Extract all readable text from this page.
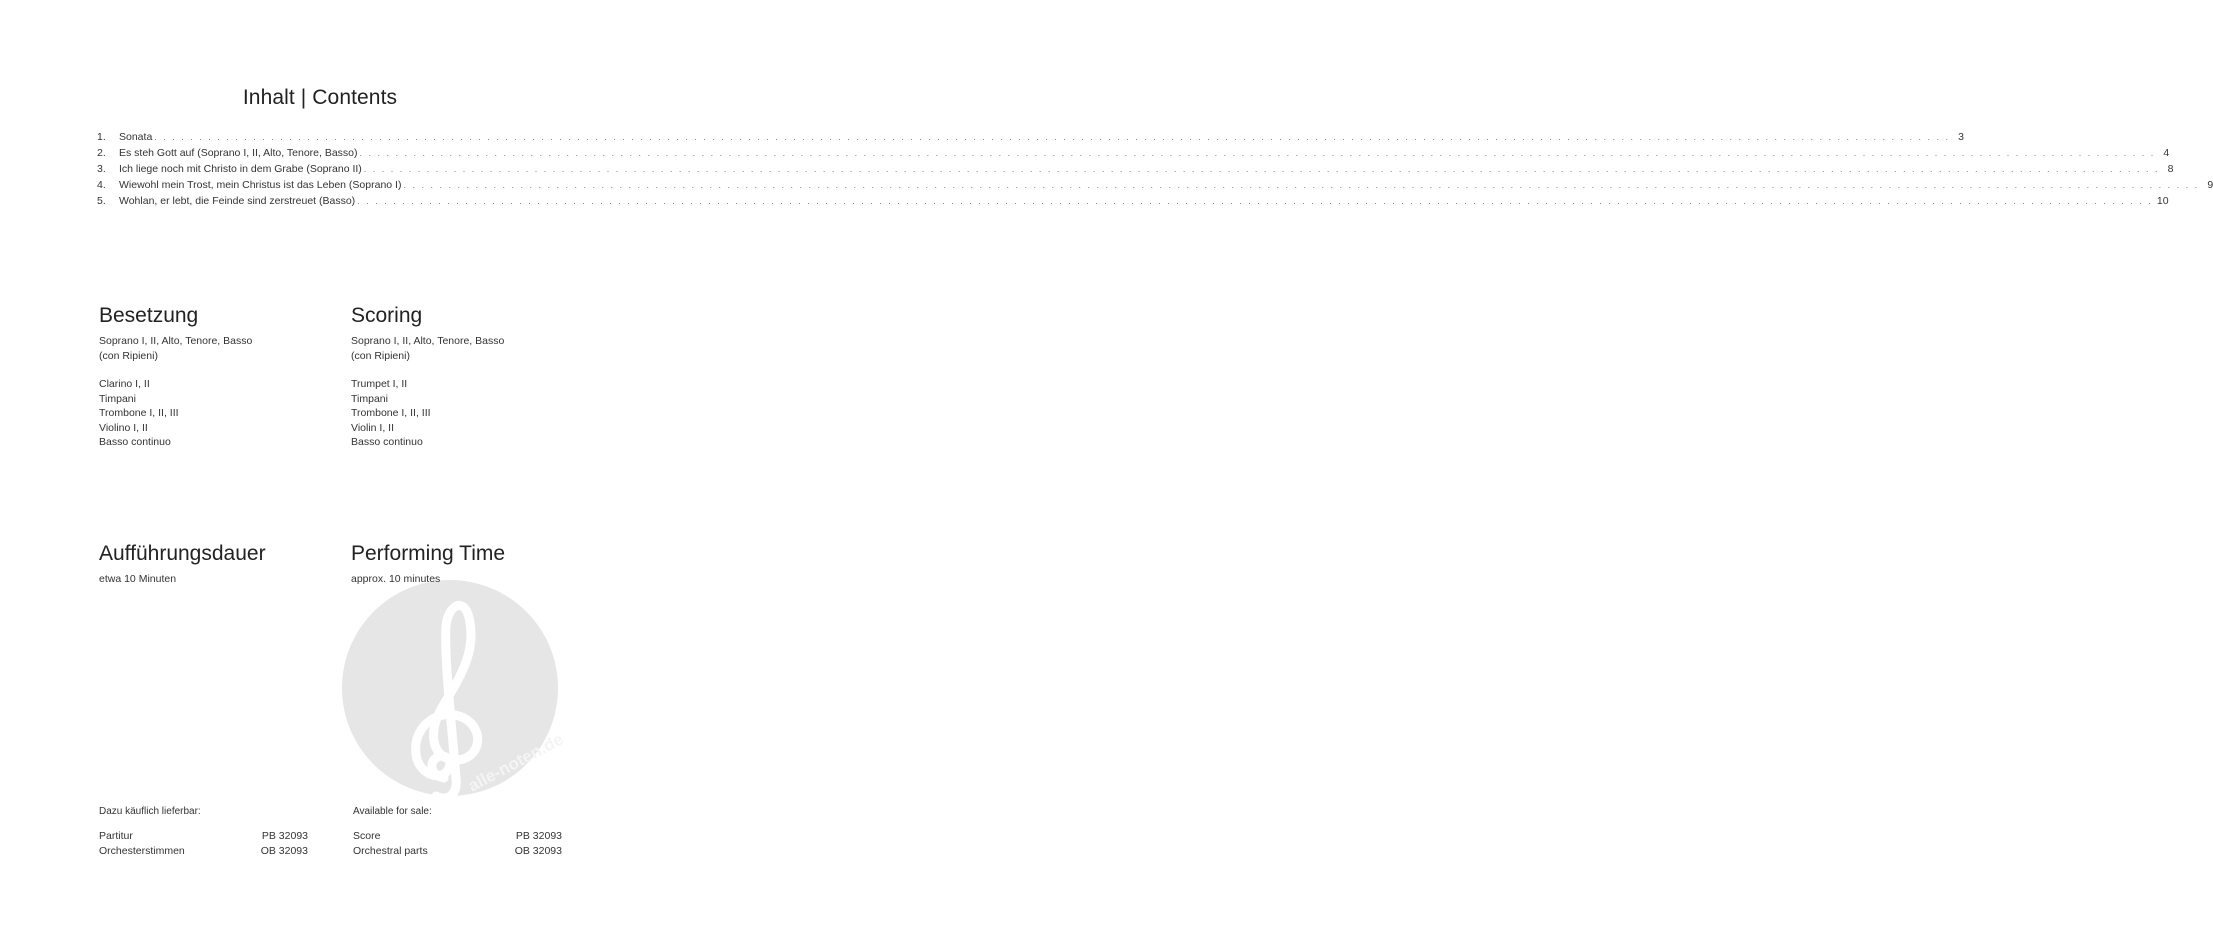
Inhalt | Contents
1.	Sonata . . . . . . . . . . . . . . . . . . . . . . . . . . . . . . . . . . . . . . . . . . . . . . . . . . . . . . . . . . . . . . . . . . . . . . . . . . . . . . . . . . . . . . . . . . . . . . . . . . . . . . . . . . . . . . . . . . . . . . . . . . . . . . . . . . . . . . . . . . . . . . . . . . . . . . . . . . . . . . . . . . . . . . . . . . . . . . . . . . . . . . . . . . . . . . . . . . . . . . . . 3
2.	Es steh Gott auf (Soprano I, II, Alto, Tenore, Basso) . . . . . . . . . . . . . . . . . . . . . . . . . . . . . . . . . . . . . . . . . . . . . . . . . . . . . . . . . . . . . . . . . . . . . . . . . . . . . . . . . . . . . . . . . . . . . . . . . . . . . . . . . . . . . . . . . . . . . . . . . . . . . . . . . . . . . . . . . . . . . . . . . . . . . . . . . . . . . . . . . . . . . . . . . . . . . . . . . . . . . . . . . . . . . . . . . . . . . . . . 4
3.	Ich liege noch mit Christo in dem Grabe (Soprano II) . . . . . . . . . . . . . . . . . . . . . . . . . . . . . . . . . . . . . . . . . . . . . . . . . . . . . . . . . . . . . . . . . . . . . . . . . . . . . . . . . . . . . . . . . . . . . . . . . . . . . . . . . . . . . . . . . . . . . . . . . . . . . . . . . . . . . . . . . . . . . . . . . . . . . . . . . . . . . . . . . . . . . . . . . . . . . . . . . . . . . . . . . . . . . . . . . . . . . . . . 8
4.	Wiewohl mein Trost, mein Christus ist das Leben (Soprano I) . . . . . . . . . . . . . . . . . . . . . . . . . . . . . . . . . . . . . . . . . . . . . . . . . . . . . . . . . . . . . . . . . . . . . . . . . . . . . . . . . . . . . . . . . . . . . . . . . . . . . . . . . . . . . . . . . . . . . . . . . . . . . . . . . . . . . . . . . . . . . . . . . . . . . . . . . . . . . . . . . . . . . . . . . . . . . . . . . . . . . . . . . . . . . . . . . . . . . . . . 9
5.	Wohlan, er lebt, die Feinde sind zerstreuet (Basso) . . . . . . . . . . . . . . . . . . . . . . . . . . . . . . . . . . . . . . . . . . . . . . . . . . . . . . . . . . . . . . . . . . . . . . . . . . . . . . . . . . . . . . . . . . . . . . . . . . . . . . . . . . . . . . . . . . . . . . . . . . . . . . . . . . . . . . . . . . . . . . . . . . . . . . . . . . . . . . . . . . . . . . . . . . . . . . . . . . . . . . . . . . . . . . . . . . . . . . . . 10
Besetzung
Soprano I, II, Alto, Tenore, Basso
(con Ripieni)
Clarino I, II
Timpani
Trombone I, II, III
Violino I, II
Basso continuo
Scoring
Soprano I, II, Alto, Tenore, Basso
(con Ripieni)
Trumpet I, II
Timpani
Trombone I, II, III
Violin I, II
Basso continuo
alle-noten.de
Aufführungsdauer
etwa 10 Minuten
Performing Time
approx. 10 minutes
Dazu käuflich lieferbar:
Partitur	PB 32093
Orchesterstimmen	OB 32093
Available for sale:
Score	PB 32093
Orchestral parts	OB 32093
